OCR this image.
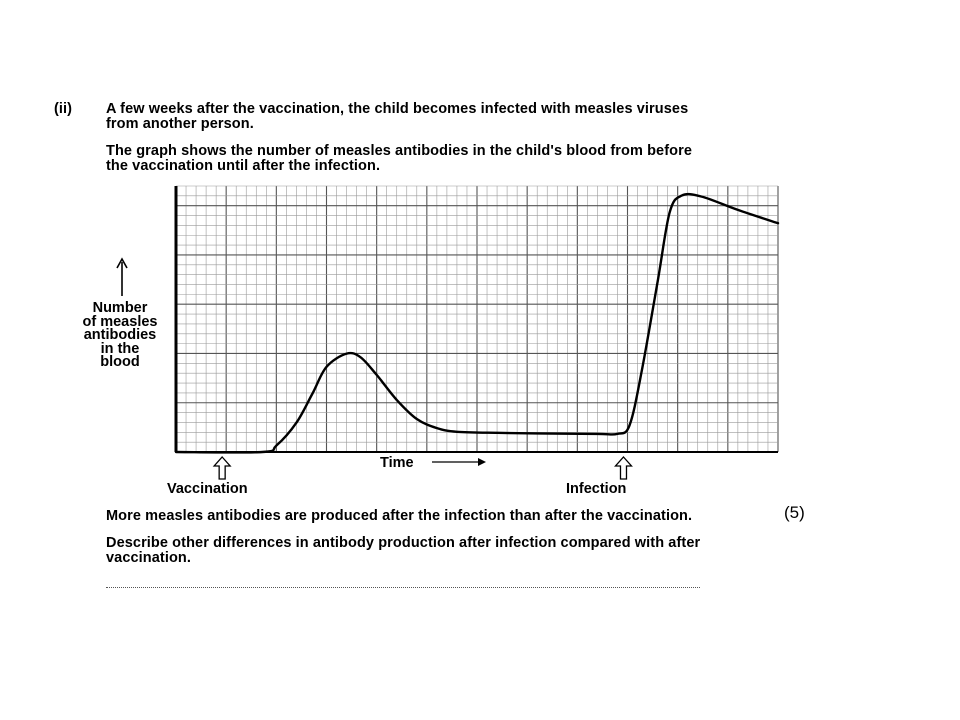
(ii) A few weeks after the vaccination, the child becomes infected with measles viruses
from another person.
The graph shows the number of measles antibodies in the child's blood from before
the vaccination until after the infection.
Number
of measles
antibodies
in the
blood
Time
Vaccination	Infection
More measles antibodies are produced after the infection than after the vaccination.	(5)
Describe other differences in antibody production after infection compared with after
vaccination.
